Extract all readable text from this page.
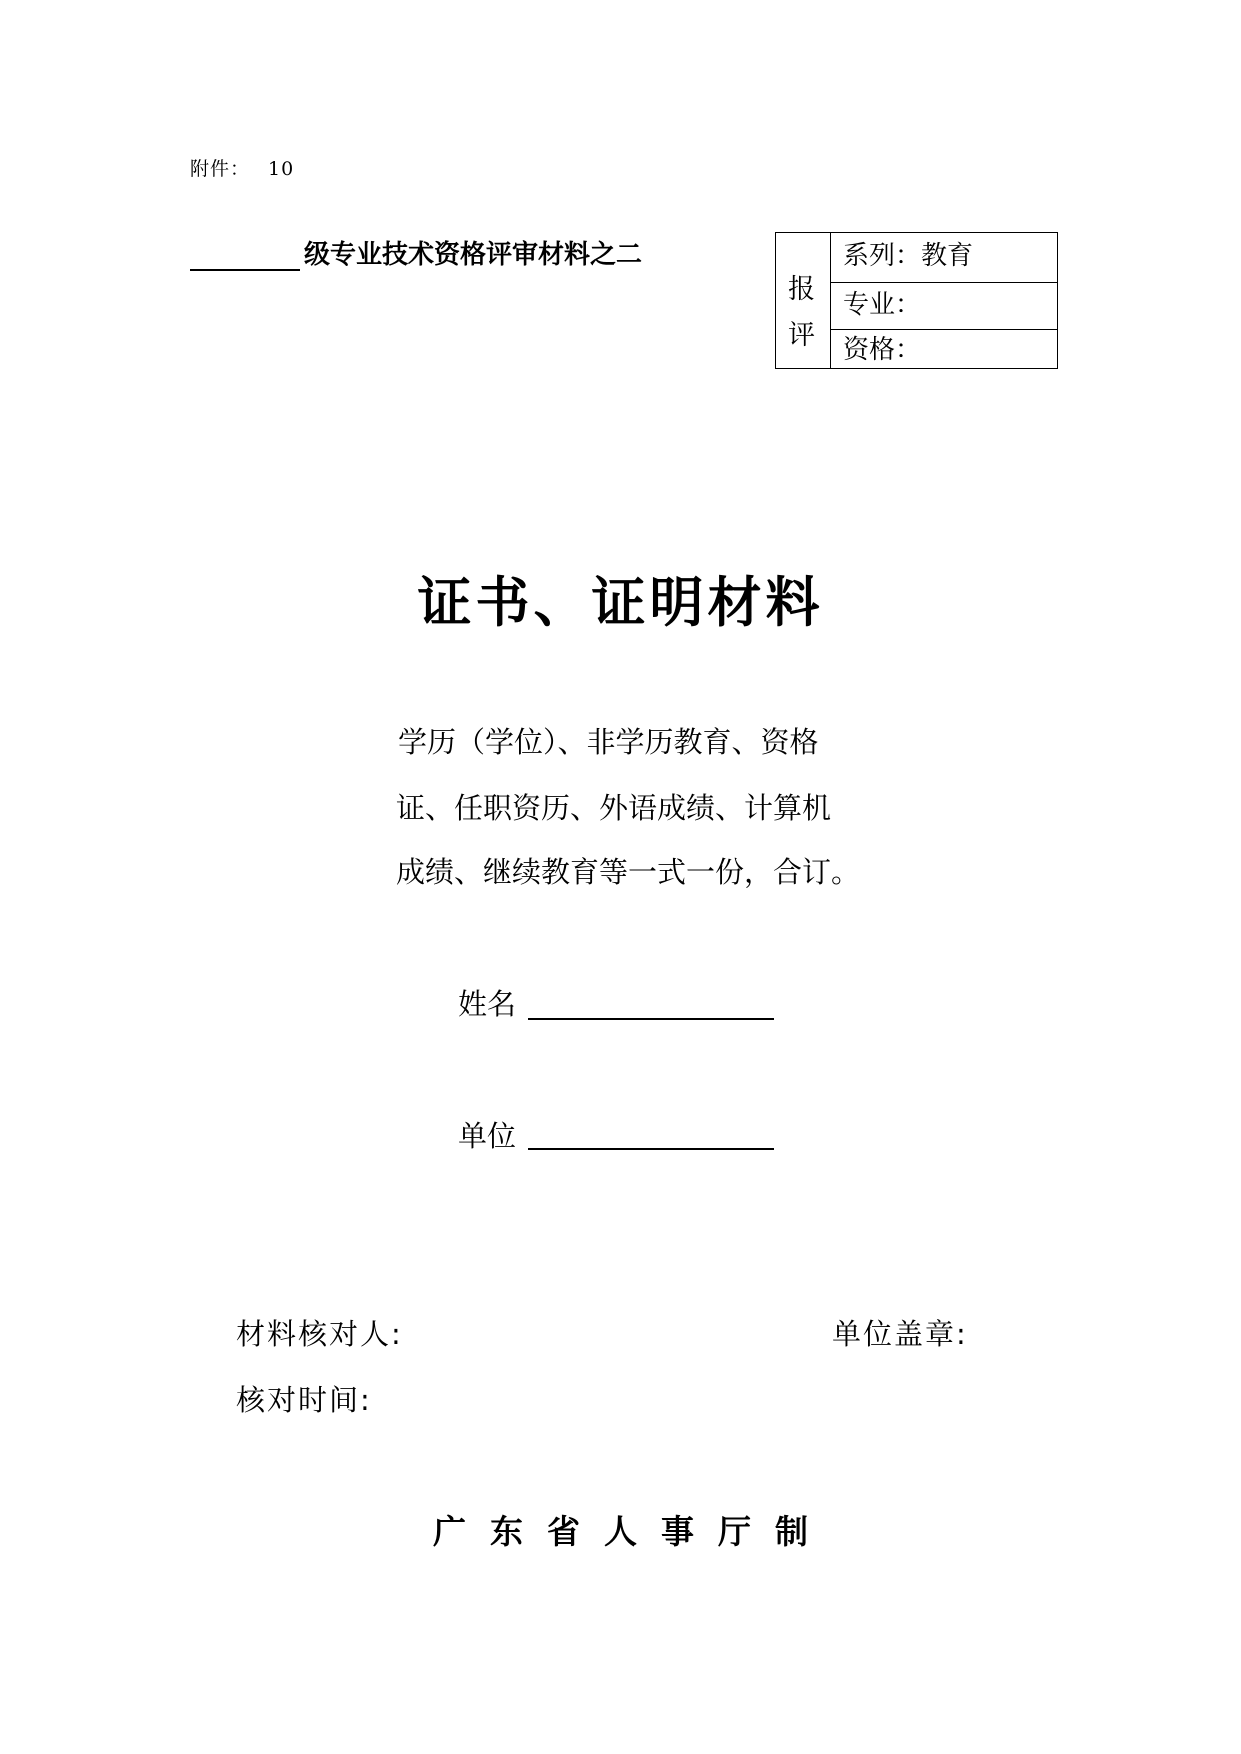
附件： 10
级专业技术资格评审材料之二
报
评
系列：教育
专业：
资格：
证书、证明材料
学历（学位）、非学历教育、资格
证、任职资历、外语成绩、计算机
成绩、继续教育等一式一份，合订。
姓名
单位
材料核对人:	单位盖章:
核对时间:
广 东 省 人 事 厅 制
